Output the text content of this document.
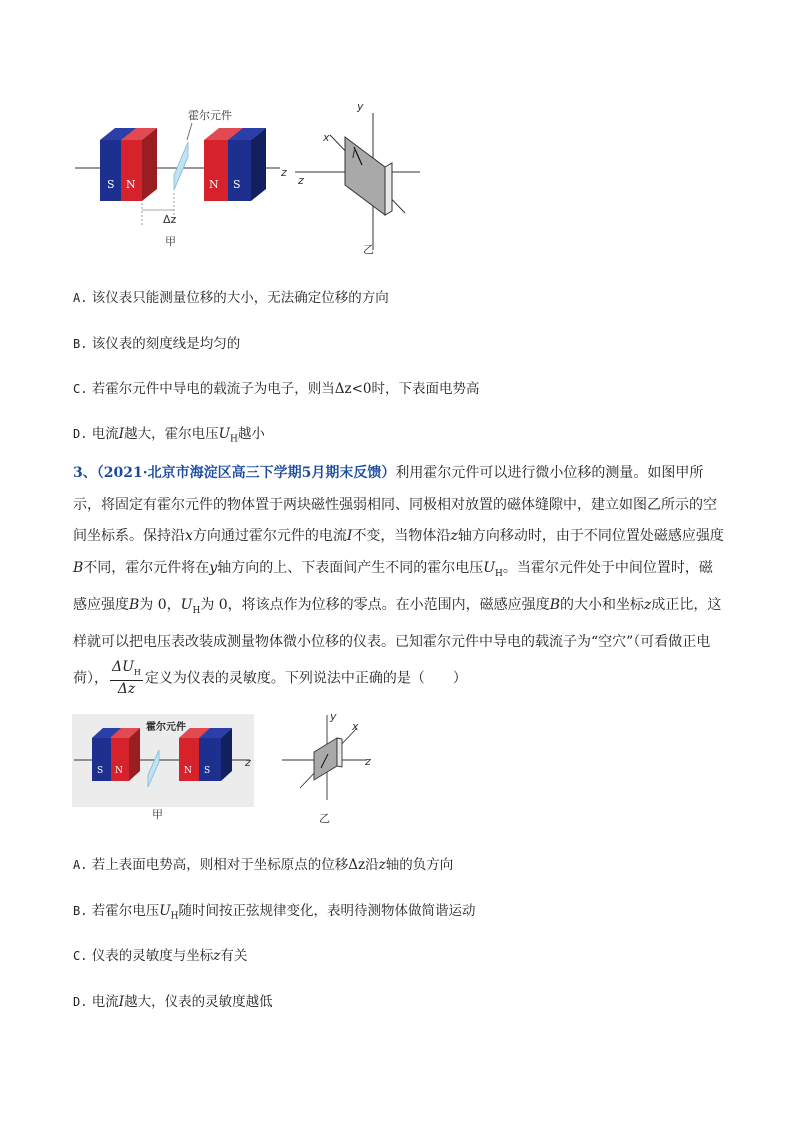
S N
霍尔元件
N S
z
Δz
甲
y
x
z
I
乙
A. 该仪表只能测量位移的大小，无法确定位移的方向
B. 该仪表的刻度线是均匀的
C. 若霍尔元件中导电的载流子为电子，则当Δz<0时，下表面电势高
D. 电流I越大，霍尔电压$U_H$越小
3、（2021·北京市海淀区高三下学期5月期末反馈）利用霍尔元件可以进行微小位移的测量。如图甲所示，将固定有霍尔元件的物体置于两块磁性强弱相同、同极相对放置的磁体缝隙中，建立如图乙所示的空间坐标系。保持沿x方向通过霍尔元件的电流I不变，当物体沿z轴方向移动时，由于不同位置处磁感应强度B不同，霍尔元件将在y轴方向的上、下表面间产生不同的霍尔电压$U_H$。当霍尔元件处于中间位置时，磁感应强度B为 0，$U_H$为 0，将该点作为位移的零点。在小范围内，磁感应强度B的大小和坐标z成正比，这样就可以把电压表改装成测量物体微小位移的仪表。已知霍尔元件中导电的载流子为“空穴”（可看做正电荷），
$\Delta U_H$
Δz
定义为仪表的灵敏度。下列说法中正确的是（　　）
S N
霍尔元件
N S
z
甲
y
x
z
乙
A. 若上表面电势高，则相对于坐标原点的位移Δz沿z轴的负方向
B. 若霍尔电压$U_H$随时间按正弦规律变化，表明待测物体做简谐运动
C. 仪表的灵敏度与坐标z有关
D. 电流I越大，仪表的灵敏度越低
